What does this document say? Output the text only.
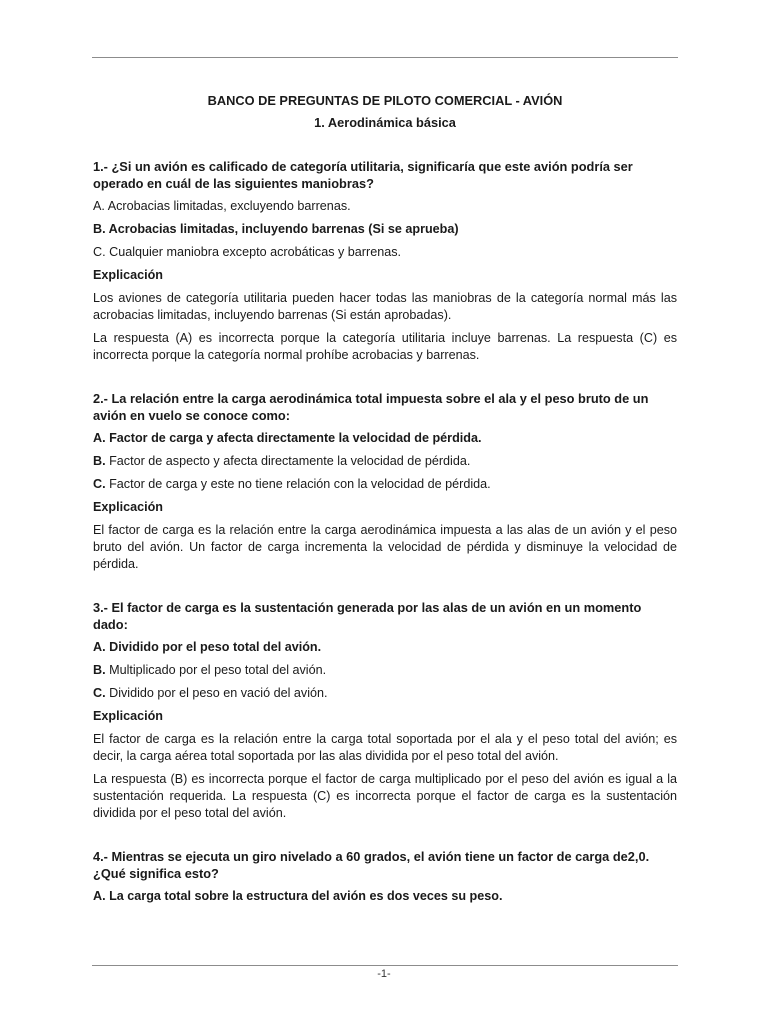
BANCO DE PREGUNTAS DE PILOTO COMERCIAL - AVIÓN

1. Aerodinámica básica

1.- ¿Si un avión es calificado de categoría utilitaria, significaría que este avión podría ser operado en cuál de las siguientes maniobras?

A. Acrobacias limitadas, excluyendo barrenas.

B. Acrobacias limitadas, incluyendo barrenas (Si se aprueba)

C. Cualquier maniobra excepto acrobáticas y barrenas.

Explicación

Los aviones de categoría utilitaria pueden hacer todas las maniobras de la categoría normal más las acrobacias limitadas, incluyendo barrenas (Si están aprobadas).

La respuesta (A) es incorrecta porque la categoría utilitaria incluye barrenas. La respuesta (C) es incorrecta porque la categoría normal prohíbe acrobacias y barrenas.

2.- La relación entre la carga aerodinámica total impuesta sobre el ala y el peso bruto de un avión en vuelo se conoce como:

A. Factor de carga y afecta directamente la velocidad de pérdida.

B. Factor de aspecto y afecta directamente la velocidad de pérdida.

C. Factor de carga y este no tiene relación con la velocidad de pérdida.

Explicación

El factor de carga es la relación entre la carga aerodinámica impuesta a las alas de un avión y el peso bruto del avión. Un factor de carga incrementa la velocidad de pérdida y disminuye la velocidad de pérdida.

3.- El factor de carga es la sustentación generada por las alas de un avión en un momento dado:

A. Dividido por el peso total del avión.

B. Multiplicado por el peso total del avión.

C. Dividido por el peso en vació del avión.

Explicación

El factor de carga es la relación entre la carga total soportada por el ala y el peso total del avión; es decir, la carga aérea total soportada por las alas dividida por el peso total del avión.

La respuesta (B) es incorrecta porque el factor de carga multiplicado por el peso del avión es igual a la sustentación requerida. La respuesta (C) es incorrecta porque el factor de carga es la sustentación dividida por el peso total del avión.

4.- Mientras se ejecuta un giro nivelado a 60 grados, el avión tiene un factor de carga de2,0. ¿Qué significa esto?

A. La carga total sobre la estructura del avión es dos veces su peso.

-1-
